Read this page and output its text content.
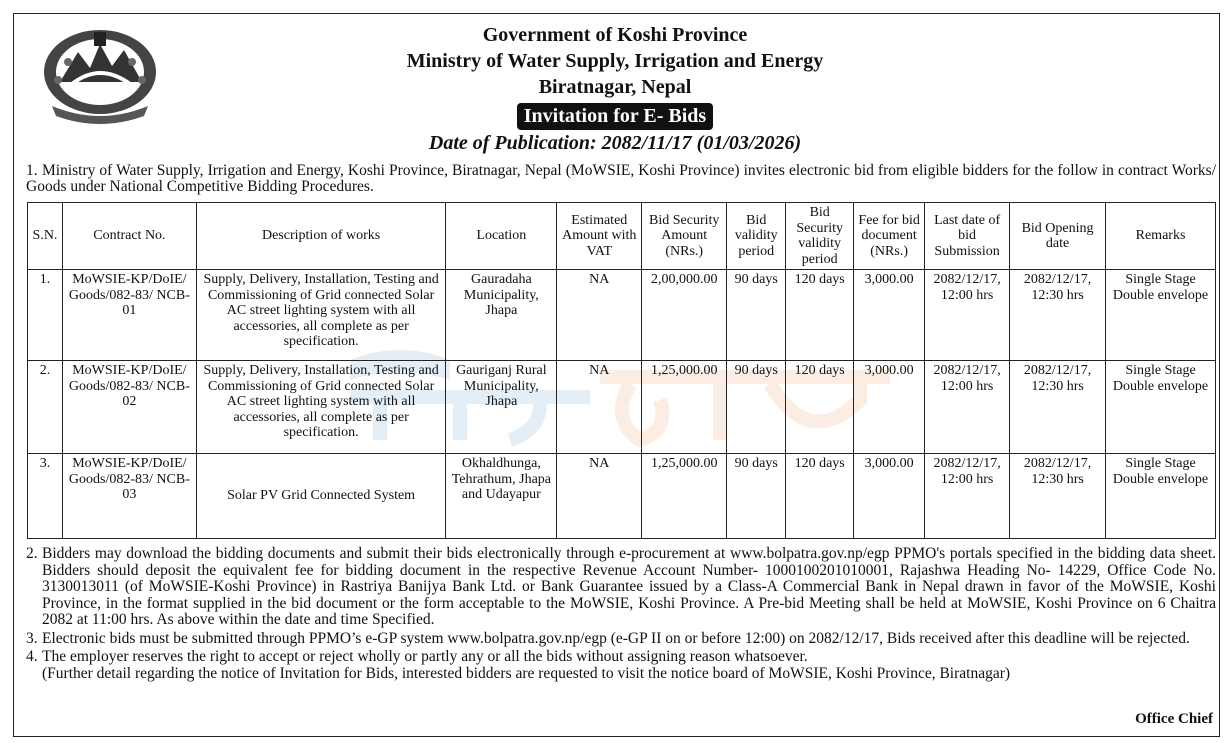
Government of Koshi Province
Ministry of Water Supply, Irrigation and Energy
Biratnagar, Nepal
Invitation for E- Bids
Date of Publication: 2082/11/17 (01/03/2026)
1. Ministry of Water Supply, Irrigation and Energy, Koshi Province, Biratnagar, Nepal (MoWSIE, Koshi Province) invites electronic bid from eligible bidders for the follow in contract Works/ Goods under National Competitive Bidding Procedures.
S.N.	Contract No.	Description of works	Location	Estimated Amount with VAT	Bid Security Amount (NRs.)	Bid validity period	Bid Security validity period	Fee for bid document (NRs.)	Last date of bid Submission	Bid Opening date	Remarks
1.	MoWSIE-KP/DoIE/ Goods/082-83/ NCB-01	Supply, Delivery, Installation, Testing and Commissioning of Grid connected Solar AC street lighting system with all accessories, all complete as per specification.	Gauradaha Municipality, Jhapa	NA	2,00,000.00	90 days	120 days	3,000.00	2082/12/17, 12:00 hrs	2082/12/17, 12:30 hrs	Single Stage Double envelope
2.	MoWSIE-KP/DoIE/ Goods/082-83/ NCB-02	Supply, Delivery, Installation, Testing and Commissioning of Grid connected Solar AC street lighting system with all accessories, all complete as per specification.	Gauriganj Rural Municipality, Jhapa	NA	1,25,000.00	90 days	120 days	3,000.00	2082/12/17, 12:00 hrs	2082/12/17, 12:30 hrs	Single Stage Double envelope
3.	MoWSIE-KP/DoIE/ Goods/082-83/ NCB-03	Solar PV Grid Connected System	Okhaldhunga, Tehrathum, Jhapa and Udayapur	NA	1,25,000.00	90 days	120 days	3,000.00	2082/12/17, 12:00 hrs	2082/12/17, 12:30 hrs	Single Stage Double envelope
2. Bidders may download the bidding documents and submit their bids electronically through e-procurement at www.bolpatra.gov.np/egp PPMO's portals specified in the bidding data sheet. Bidders should deposit the equivalent fee for bidding document in the respective Revenue Account Number- 1000100201010001, Rajashwa Heading No- 14229, Office Code No. 3130013011 (of MoWSIE-Koshi Province) in Rastriya Banijya Bank Ltd. or Bank Guarantee issued by a Class-A Commercial Bank in Nepal drawn in favor of the MoWSIE, Koshi Province, in the format supplied in the bid document or the form acceptable to the MoWSIE, Koshi Province. A Pre-bid Meeting shall be held at MoWSIE, Koshi Province on 6 Chaitra 2082 at 11:00 hrs. As above within the date and time Specified.
3. Electronic bids must be submitted through PPMO’s e-GP system www.bolpatra.gov.np/egp (e-GP II on or before 12:00) on 2082/12/17, Bids received after this deadline will be rejected.
4. The employer reserves the right to accept or reject wholly or partly any or all the bids without assigning reason whatsoever.
(Further detail regarding the notice of Invitation for Bids, interested bidders are requested to visit the notice board of MoWSIE, Koshi Province, Biratnagar)
Office Chief
